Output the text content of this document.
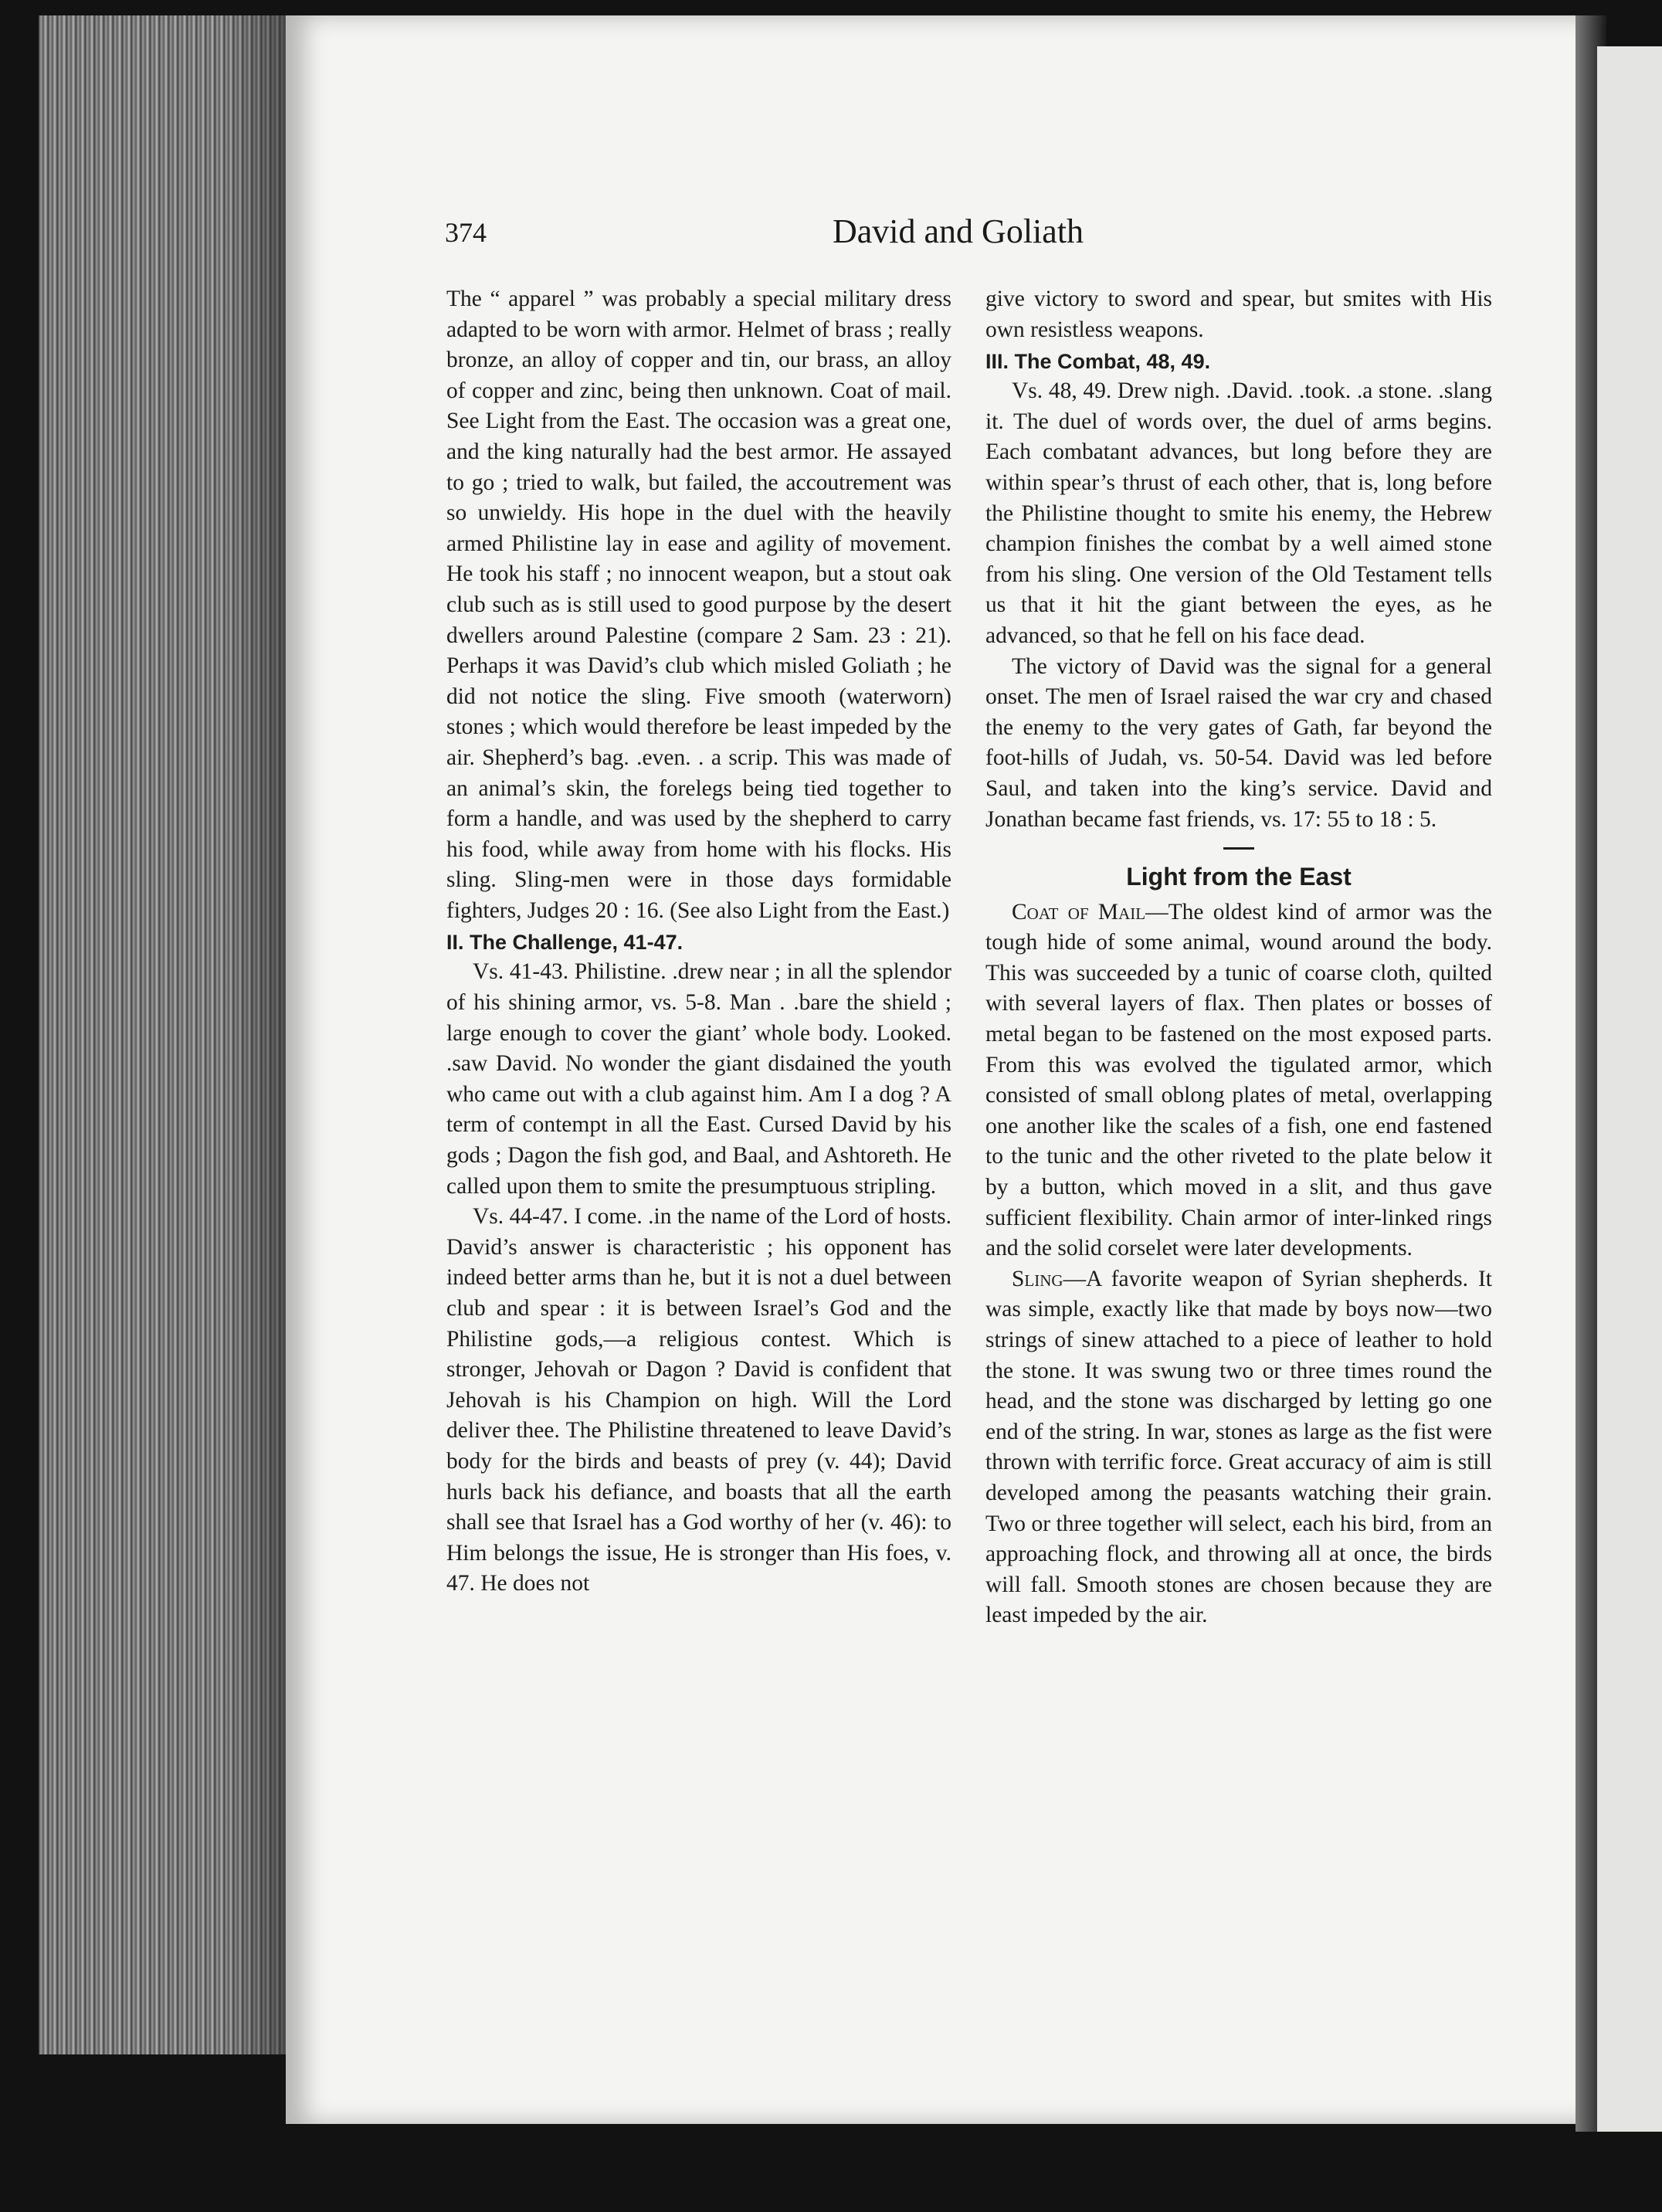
374	David and Goliath

The “ apparel ” was probably a special military dress adapted to be worn with armor. Helmet of brass ; really bronze, an alloy of copper and tin, our brass, an alloy of copper and zinc, being then unknown. Coat of mail. See Light from the East. The occasion was a great one, and the king naturally had the best armor. He assayed to go ; tried to walk, but failed, the accoutrement was so unwieldy. His hope in the duel with the heavily armed Philistine lay in ease and agility of movement. He took his staff ; no innocent weapon, but a stout oak club such as is still used to good purpose by the desert dwellers around Palestine (compare 2 Sam. 23 : 21). Perhaps it was David’s club which misled Goliath ; he did not notice the sling. Five smooth (waterworn) stones ; which would therefore be least impeded by the air. Shepherd’s bag. .even. . a scrip. This was made of an animal’s skin, the forelegs being tied together to form a handle, and was used by the shepherd to carry his food, while away from home with his flocks. His sling. Sling-men were in those days formidable fighters, Judges 20 : 16. (See also Light from the East.)

II. The Challenge, 41-47.

Vs. 41-43. Philistine. .drew near ; in all the splendor of his shining armor, vs. 5-8. Man . .bare the shield ; large enough to cover the giant’ whole body. Looked. .saw David. No wonder the giant disdained the youth who came out with a club against him. Am I a dog ? A term of contempt in all the East. Cursed David by his gods ; Dagon the fish god, and Baal, and Ashtoreth. He called upon them to smite the presumptuous stripling.

Vs. 44-47. I come. .in the name of the Lord of hosts. David’s answer is characteristic ; his opponent has indeed better arms than he, but it is not a duel between club and spear : it is between Israel’s God and the Philistine gods,—a religious contest. Which is stronger, Jehovah or Dagon ? David is confident that Jehovah is his Champion on high. Will the Lord deliver thee. The Philistine threatened to leave David’s body for the birds and beasts of prey (v. 44); David hurls back his defiance, and boasts that all the earth shall see that Israel has a God worthy of her (v. 46): to Him belongs the issue, He is stronger than His foes, v. 47. He does not

give victory to sword and spear, but smites with His own resistless weapons.

III. The Combat, 48, 49.

Vs. 48, 49. Drew nigh. .David. .took. .a stone. .slang it. The duel of words over, the duel of arms begins. Each combatant advances, but long before they are within spear’s thrust of each other, that is, long before the Philistine thought to smite his enemy, the Hebrew champion finishes the combat by a well aimed stone from his sling. One version of the Old Testament tells us that it hit the giant between the eyes, as he advanced, so that he fell on his face dead.

The victory of David was the signal for a general onset. The men of Israel raised the war cry and chased the enemy to the very gates of Gath, far beyond the foot-hills of Judah, vs. 50-54. David was led before Saul, and taken into the king’s service. David and Jonathan became fast friends, vs. 17: 55 to 18 : 5.

Light from the East

Coat of Mail—The oldest kind of armor was the tough hide of some animal, wound around the body. This was succeeded by a tunic of coarse cloth, quilted with several layers of flax. Then plates or bosses of metal began to be fastened on the most exposed parts. From this was evolved the tigulated armor, which consisted of small oblong plates of metal, overlapping one another like the scales of a fish, one end fastened to the tunic and the other riveted to the plate below it by a button, which moved in a slit, and thus gave sufficient flexibility. Chain armor of inter-linked rings and the solid corselet were later developments.

Sling—A favorite weapon of Syrian shepherds. It was simple, exactly like that made by boys now—two strings of sinew attached to a piece of leather to hold the stone. It was swung two or three times round the head, and the stone was discharged by letting go one end of the string. In war, stones as large as the fist were thrown with terrific force. Great accuracy of aim is still developed among the peasants watching their grain. Two or three together will select, each his bird, from an approaching flock, and throwing all at once, the birds will fall. Smooth stones are chosen because they are least impeded by the air.
